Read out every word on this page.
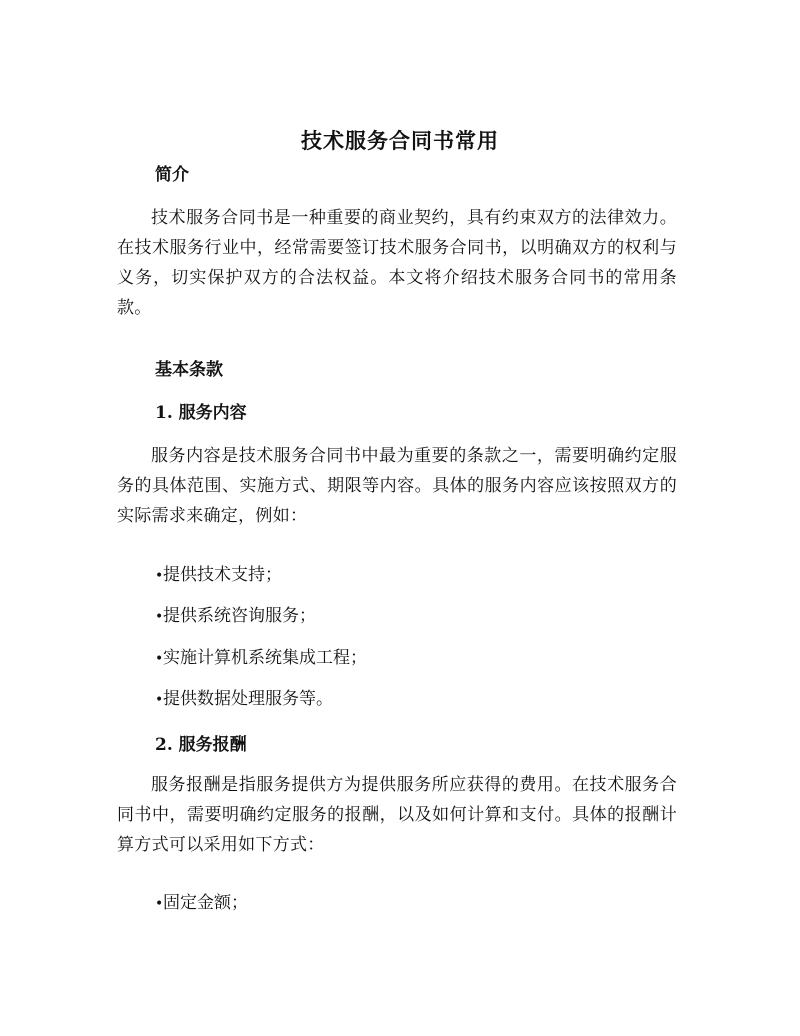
技术服务合同书常用
简介
技术服务合同书是一种重要的商业契约，具有约束双方的法律效力。在技术服务行业中，经常需要签订技术服务合同书，以明确双方的权利与义务，切实保护双方的合法权益。本文将介绍技术服务合同书的常用条款。
基本条款
1. 服务内容
服务内容是技术服务合同书中最为重要的条款之一，需要明确约定服务的具体范围、实施方式、期限等内容。具体的服务内容应该按照双方的实际需求来确定，例如：
•提供技术支持；
•提供系统咨询服务；
•实施计算机系统集成工程；
•提供数据处理服务等。
2. 服务报酬
服务报酬是指服务提供方为提供服务所应获得的费用。在技术服务合同书中，需要明确约定服务的报酬，以及如何计算和支付。具体的报酬计算方式可以采用如下方式：
•固定金额；
